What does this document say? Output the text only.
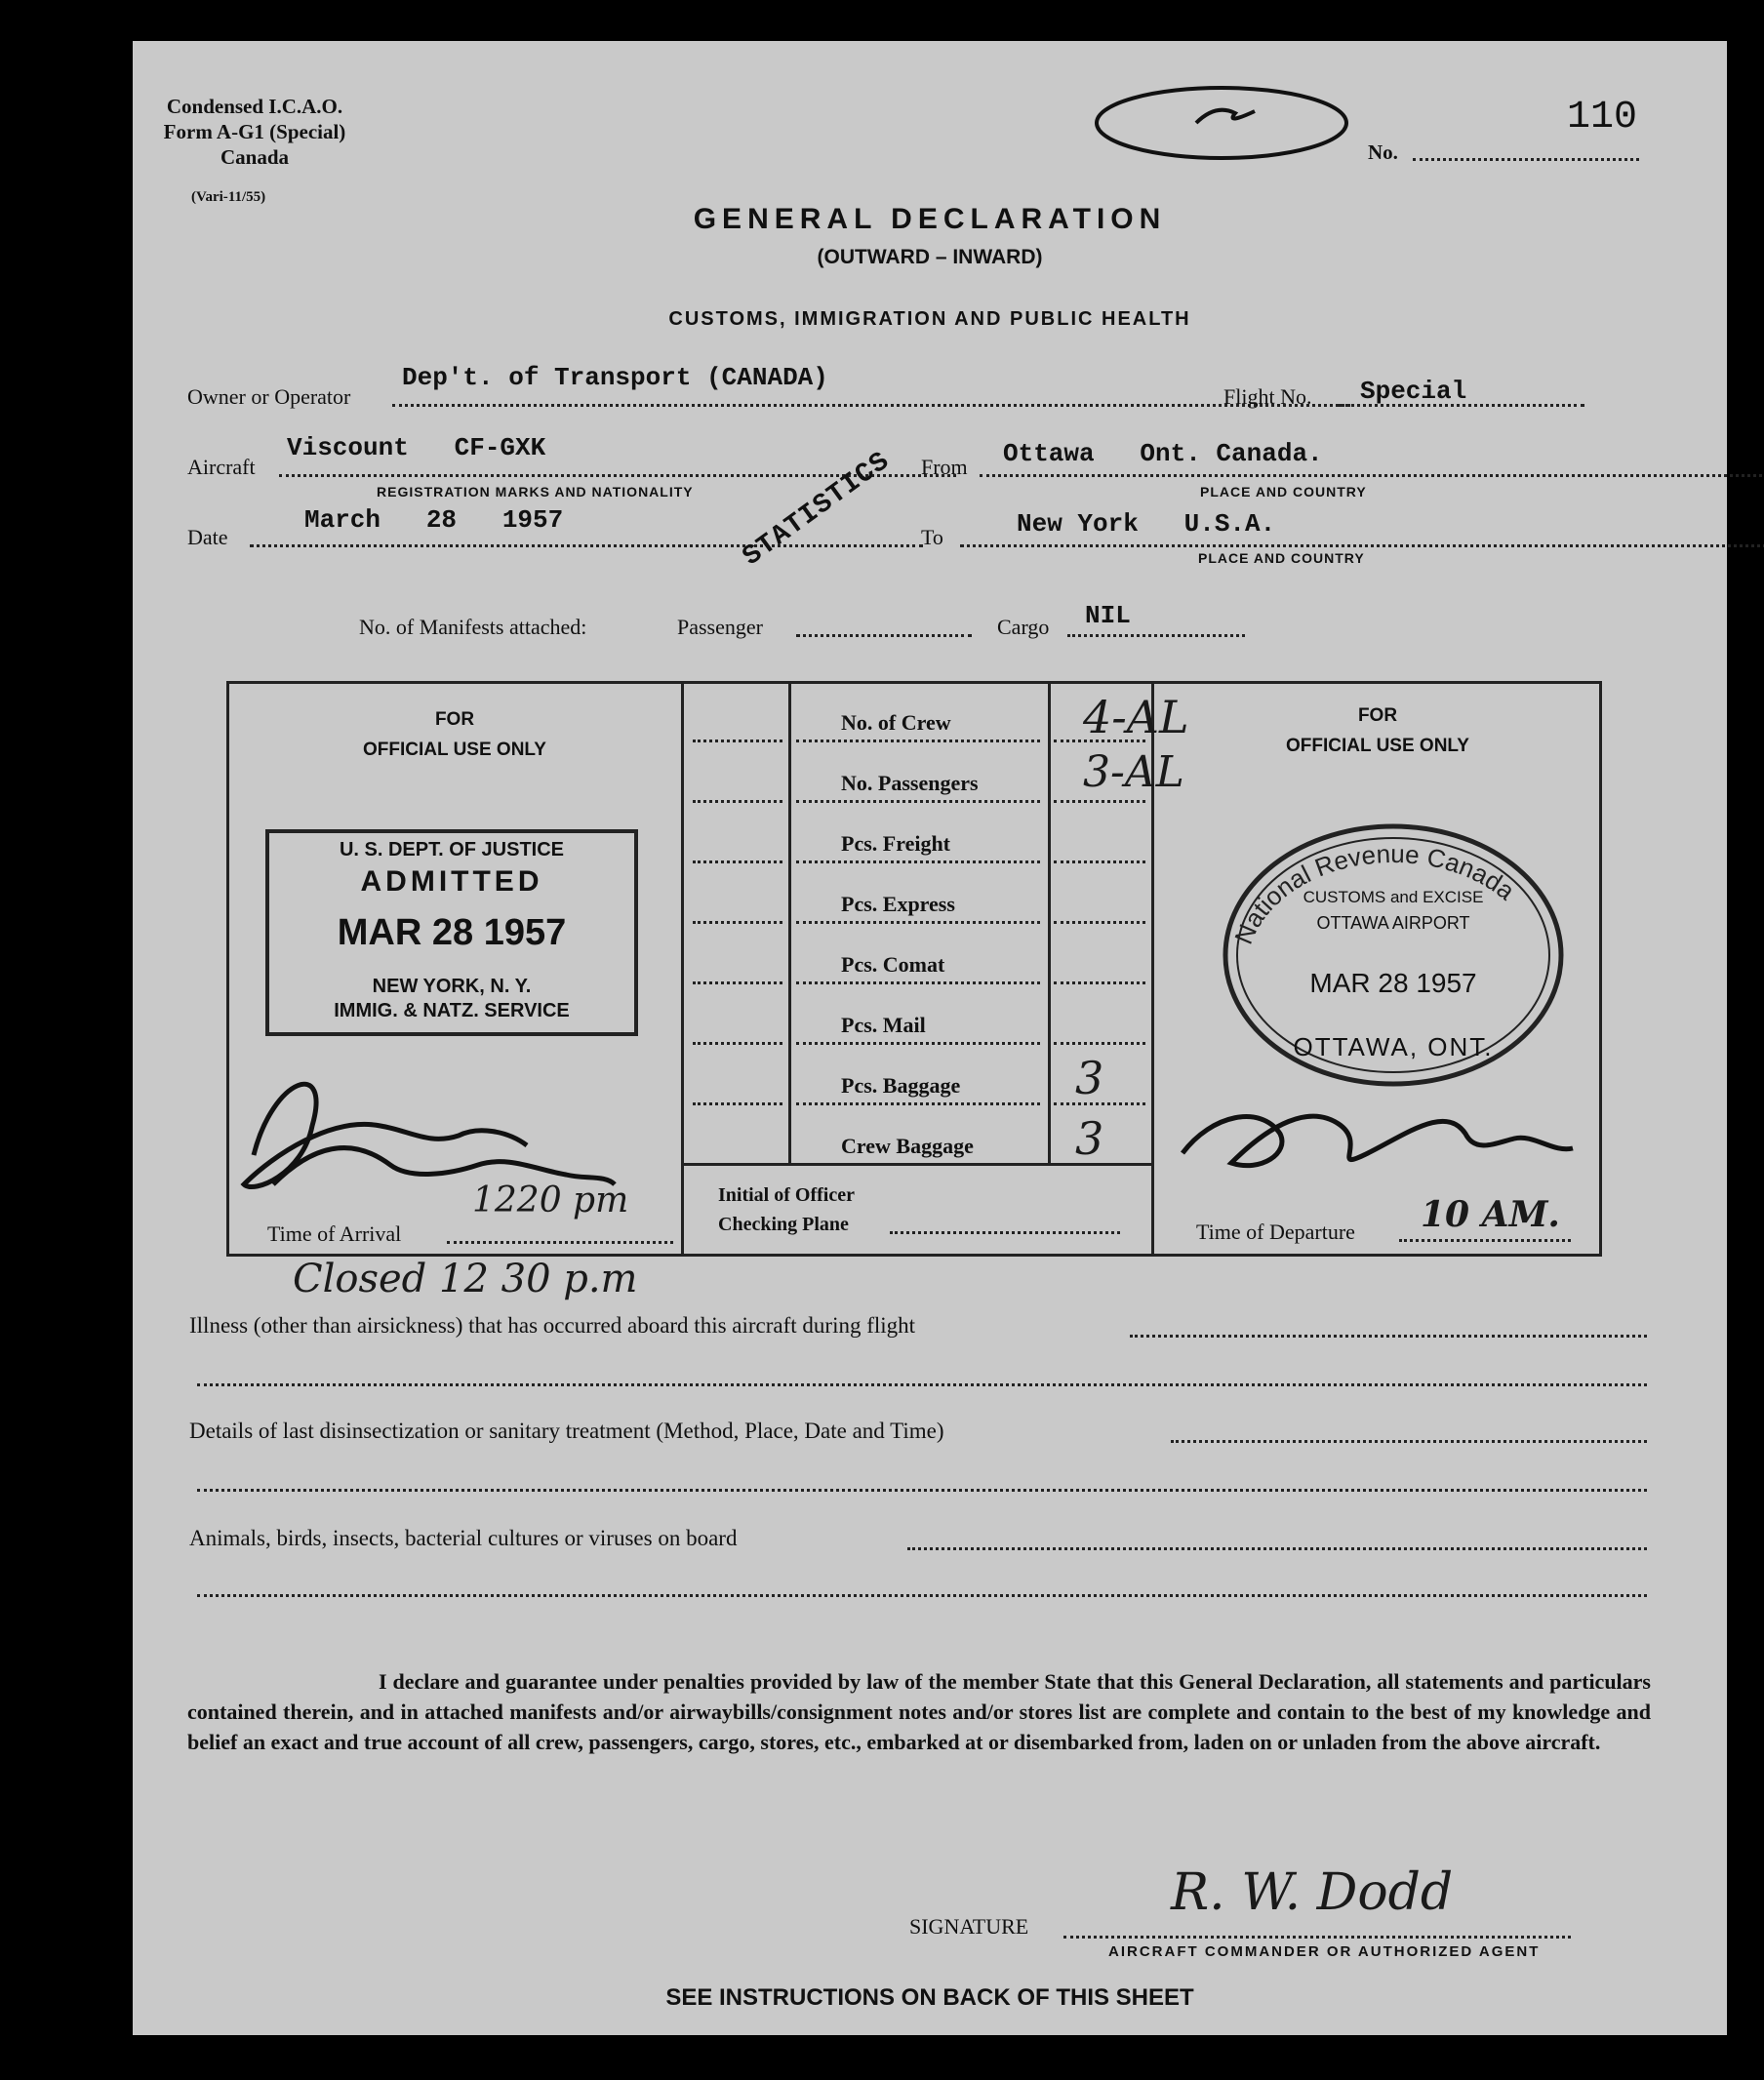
Condensed I.C.A.O.
Form A-G1 (Special)
Canada
(Vari-11/55)
110
No.
GENERAL DECLARATION
(OUTWARD – INWARD)
CUSTOMS, IMMIGRATION AND PUBLIC HEALTH
Owner or Operator
Dep't. of Transport (CANADA)
Flight No. Special
Aircraft
Viscount   CF-GXK
REGISTRATION MARKS AND NATIONALITY
From Ottawa   Ont. Canada.
PLACE AND COUNTRY
Date
March   28   1957
To	New York   U.S.A.
PLACE AND COUNTRY
STATISTICS
No. of Manifests attached:	Passenger	Cargo NIL
FOR
OFFICIAL USE ONLY
FOR
OFFICIAL USE ONLY
No. of Crew	4-AL
No. Passengers 3-AL
Pcs. Freight
Pcs. Express
Pcs. Comat
Pcs. Mail
Pcs. Baggage	3
Crew Baggage 3
Initial of Officer
Checking Plane
U. S. DEPT. OF JUSTICE
ADMITTED
MAR 28 1957
NEW YORK, N. Y.
IMMIG. & NATZ. SERVICE
National Revenue Canada
CUSTOMS and EXCISE
OTTAWA AIRPORT
MAR 28 1957
OTTAWA, ONT.
Time of Arrival
1220 pm
Time of Departure 10 AM.
Closed 12 30 p.m
Illness (other than airsickness) that has occurred aboard this aircraft during flight
Details of last disinsectization or sanitary treatment (Method, Place, Date and Time)
Animals, birds, insects, bacterial cultures or viruses on board
I declare and guarantee under penalties provided by law of the member State that this General Declaration, all statements and particulars contained therein, and in attached manifests and/or airwaybills/consignment notes and/or stores list are complete and contain to the best of my knowledge and belief an exact and true account of all crew, passengers, cargo, stores, etc., embarked at or disembarked from, laden on or unladen from the above aircraft.
SIGNATURE
R. W. Dodd
AIRCRAFT COMMANDER OR AUTHORIZED AGENT
SEE INSTRUCTIONS ON BACK OF THIS SHEET
